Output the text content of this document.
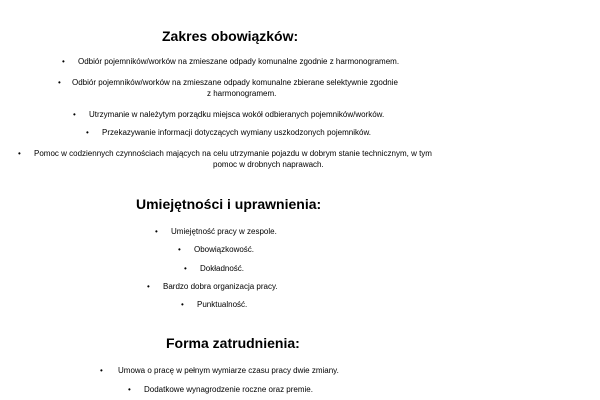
Zakres obowiązków:
•	Odbiór pojemników/worków na zmieszane odpady komunalne zgodnie z harmonogramem.
•	Odbiór pojemników/worków na zmieszane odpady komunalne zbierane selektywnie zgodnie
z harmonogramem.
•	Utrzymanie w należytym porządku miejsca wokół odbieranych pojemników/worków.
•	Przekazywanie informacji dotyczących wymiany uszkodzonych pojemników.
•	Pomoc w codziennych czynnościach mających na celu utrzymanie pojazdu w dobrym stanie technicznym, w tym
pomoc w drobnych naprawach.
Umiejętności i uprawnienia:
•	Umiejętność pracy w zespole.
•	Obowiązkowość.
•	Dokładność.
•	Bardzo dobra organizacja pracy.
•	Punktualność.
Forma zatrudnienia:
•	Umowa o pracę w pełnym wymiarze czasu pracy dwie zmiany.
•	Dodatkowe wynagrodzenie roczne oraz premie.
